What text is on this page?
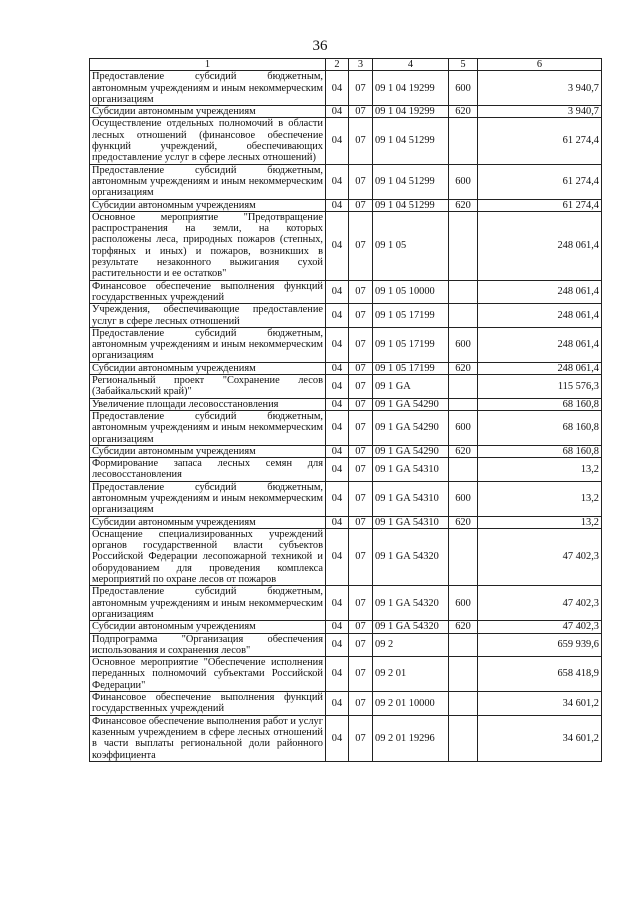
36
1	2	3	4	5	6
Предоставление субсидий бюджетным, автономным учреждениям и иным некоммерческим организациям	04	07	09 1 04 19299	600	3 940,7
Субсидии автономным учреждениям	04	07	09 1 04 19299	620	3 940,7
Осуществление отдельных полномочий в области лесных отношений (финансовое обеспечение функций учреждений, обеспечивающих предоставление услуг в сфере лесных отношений)	04	07	09 1 04 51299		61 274,4
Предоставление субсидий бюджетным, автономным учреждениям и иным некоммерческим организациям	04	07	09 1 04 51299	600	61 274,4
Субсидии автономным учреждениям	04	07	09 1 04 51299	620	61 274,4
Основное мероприятие "Предотвращение распространения на земли, на которых расположены леса, природных пожаров (степных, торфяных и иных) и пожаров, возникших в результате незаконного выжигания сухой растительности и ее остатков"	04	07	09 1 05		248 061,4
Финансовое обеспечение выполнения функций государственных учреждений	04	07	09 1 05 10000		248 061,4
Учреждения, обеспечивающие предоставление услуг в сфере лесных отношений	04	07	09 1 05 17199		248 061,4
Предоставление субсидий бюджетным, автономным учреждениям и иным некоммерческим организациям	04	07	09 1 05 17199	600	248 061,4
Субсидии автономным учреждениям	04	07	09 1 05 17199	620	248 061,4
Региональный проект "Сохранение лесов (Забайкальский край)"	04	07	09 1 GA		115 576,3
Увеличение площади лесовосстановления	04	07	09 1 GA 54290		68 160,8
Предоставление субсидий бюджетным, автономным учреждениям и иным некоммерческим организациям	04	07	09 1 GA 54290	600	68 160,8
Субсидии автономным учреждениям	04	07	09 1 GA 54290	620	68 160,8
Формирование запаса лесных семян для лесовосстановления	04	07	09 1 GA 54310		13,2
Предоставление субсидий бюджетным, автономным учреждениям и иным некоммерческим организациям	04	07	09 1 GA 54310	600	13,2
Субсидии автономным учреждениям	04	07	09 1 GA 54310	620	13,2
Оснащение специализированных учреждений органов государственной власти субъектов Российской Федерации лесопожарной техникой и оборудованием для проведения комплекса мероприятий по охране лесов от пожаров	04	07	09 1 GA 54320		47 402,3
Предоставление субсидий бюджетным, автономным учреждениям и иным некоммерческим организациям	04	07	09 1 GA 54320	600	47 402,3
Субсидии автономным учреждениям	04	07	09 1 GA 54320	620	47 402,3
Подпрограмма "Организация обеспечения использования и сохранения лесов"	04	07	09 2		659 939,6
Основное мероприятие "Обеспечение исполнения переданных полномочий субъектами Российской Федерации"	04	07	09 2 01		658 418,9
Финансовое обеспечение выполнения функций государственных учреждений	04	07	09 2 01 10000		34 601,2
Финансовое обеспечение выполнения работ и услуг казенным учреждением в сфере лесных отношений в части выплаты региональной доли районного коэффициента	04	07	09 2 01 19296		34 601,2
